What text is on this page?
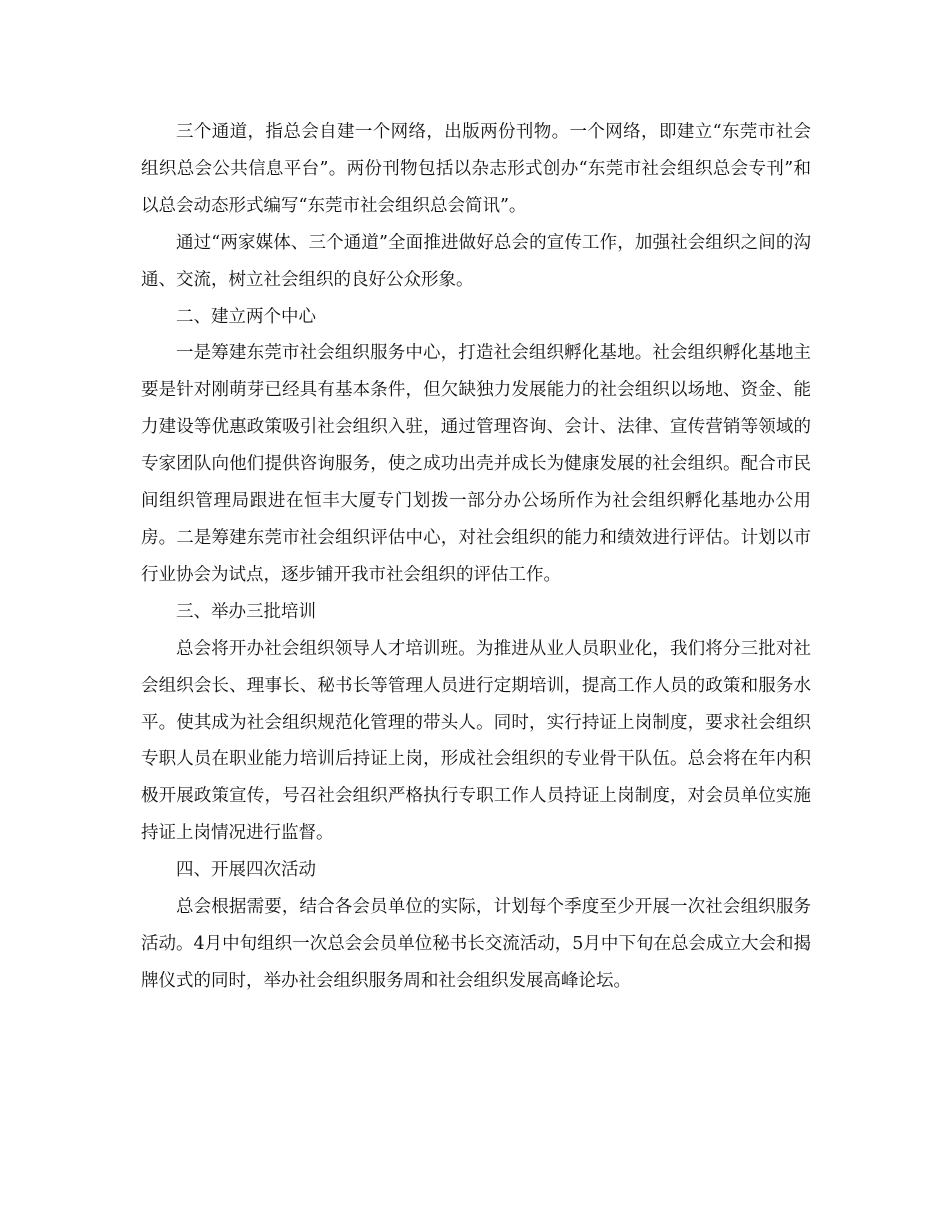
三个通道，指总会自建一个网络，出版两份刊物。一个网络，即建立“东莞市社会组织总会公共信息平台”。两份刊物包括以杂志形式创办“东莞市社会组织总会专刊”和以总会动态形式编写“东莞市社会组织总会简讯”。

通过“两家媒体、三个通道”全面推进做好总会的宣传工作，加强社会组织之间的沟通、交流，树立社会组织的良好公众形象。

二、建立两个中心

一是筹建东莞市社会组织服务中心，打造社会组织孵化基地。社会组织孵化基地主要是针对刚萌芽已经具有基本条件，但欠缺独力发展能力的社会组织以场地、资金、能力建设等优惠政策吸引社会组织入驻，通过管理咨询、会计、法律、宣传营销等领域的专家团队向他们提供咨询服务，使之成功出壳并成长为健康发展的社会组织。配合市民间组织管理局跟进在恒丰大厦专门划拨一部分办公场所作为社会组织孵化基地办公用房。二是筹建东莞市社会组织评估中心，对社会组织的能力和绩效进行评估。计划以市行业协会为试点，逐步铺开我市社会组织的评估工作。

三、举办三批培训

总会将开办社会组织领导人才培训班。为推进从业人员职业化，我们将分三批对社会组织会长、理事长、秘书长等管理人员进行定期培训，提高工作人员的政策和服务水平。使其成为社会组织规范化管理的带头人。同时，实行持证上岗制度，要求社会组织专职人员在职业能力培训后持证上岗，形成社会组织的专业骨干队伍。总会将在年内积极开展政策宣传，号召社会组织严格执行专职工作人员持证上岗制度，对会员单位实施持证上岗情况进行监督。

四、开展四次活动

总会根据需要，结合各会员单位的实际，计划每个季度至少开展一次社会组织服务活动。4月中旬组织一次总会会员单位秘书长交流活动，5月中下旬在总会成立大会和揭牌仪式的同时，举办社会组织服务周和社会组织发展高峰论坛。
